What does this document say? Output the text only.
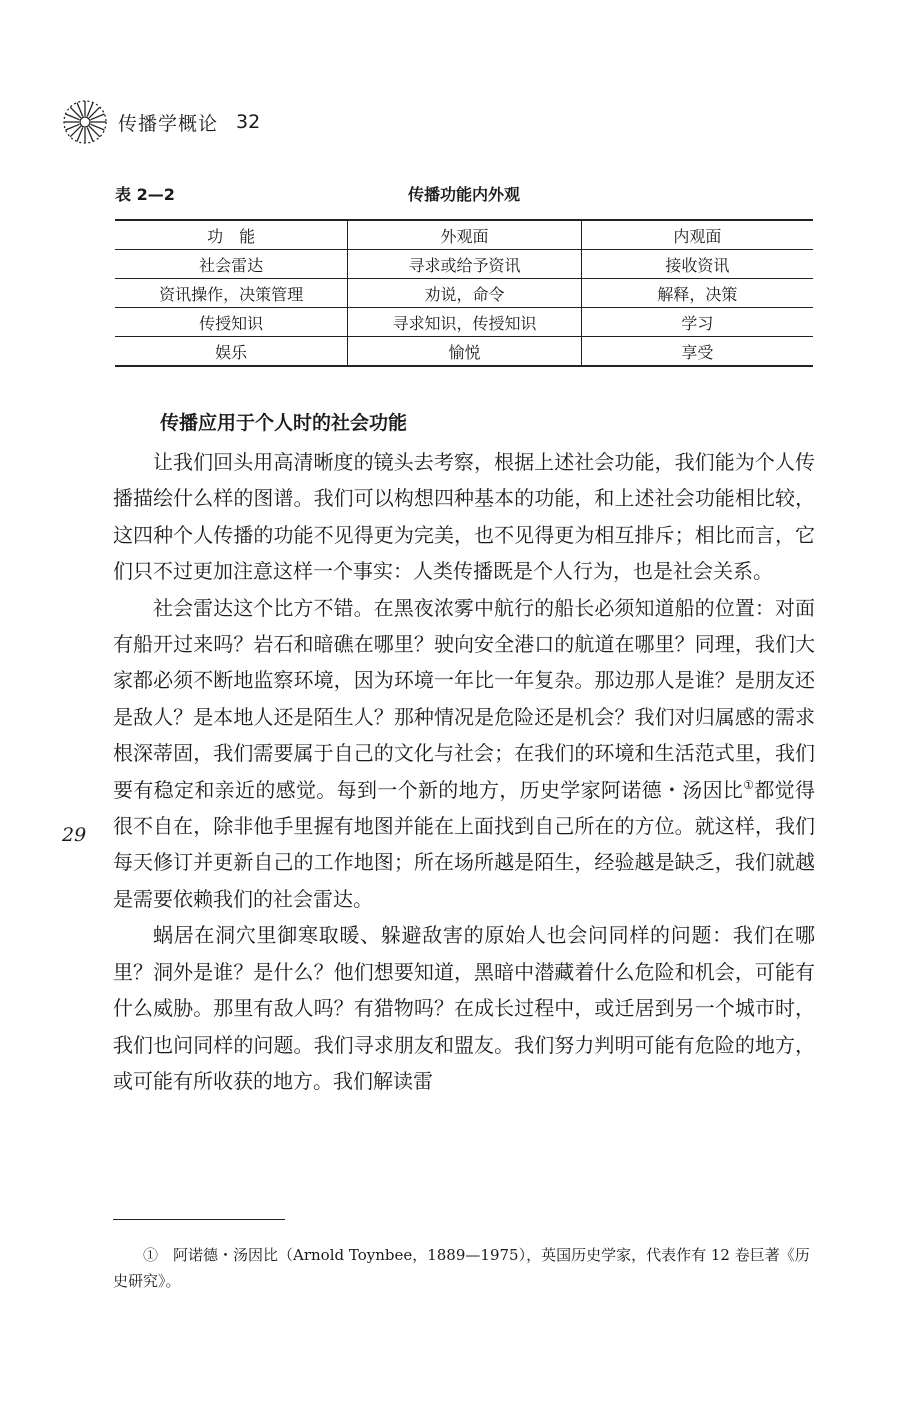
传播学概论 32
表 2—2	传播功能内外观
功　能	外观面	内观面
社会雷达	寻求或给予资讯	接收资讯
资讯操作，决策管理	劝说，命令	解释，决策
传授知识	寻求知识，传授知识	学习
娱乐	愉悦	享受
传播应用于个人时的社会功能

让我们回头用高清晰度的镜头去考察，根据上述社会功能，我们能为个人传播描绘什么样的图谱。我们可以构想四种基本的功能，和上述社会功能相比较，这四种个人传播的功能不见得更为完美，也不见得更为相互排斥；相比而言，它们只不过更加注意这样一个事实：人类传播既是个人行为，也是社会关系。

社会雷达这个比方不错。在黑夜浓雾中航行的船长必须知道船的位置：对面有船开过来吗？岩石和暗礁在哪里？驶向安全港口的航道在哪里？同理，我们大家都必须不断地监察环境，因为环境一年比一年复杂。那边那人是谁？是朋友还是敌人？是本地人还是陌生人？那种情况是危险还是机会？我们对归属感的需求根深蒂固，我们需要属于自己的文化与社会；在我们的环境和生活范式里，我们要有稳定和亲近的感觉。每到一个新的地方，历史学家阿诺德・汤因比①都觉得很不自在，除非他手里握有地图并能在上面找到自己所在的方位。就这样，我们每天修订并更新自己的工作地图；所在场所越是陌生，经验越是缺乏，我们就越是需要依赖我们的社会雷达。

蜗居在洞穴里御寒取暖、躲避敌害的原始人也会问同样的问题：我们在哪里？洞外是谁？是什么？他们想要知道，黑暗中潜藏着什么危险和机会，可能有什么威胁。那里有敌人吗？有猎物吗？在成长过程中，或迁居到另一个城市时，我们也问同样的问题。我们寻求朋友和盟友。我们努力判明可能有危险的地方，或可能有所收获的地方。我们解读雷

29

①　阿诺德・汤因比（Arnold Toynbee，1889—1975），英国历史学家，代表作有 12 卷巨著《历史研究》。
